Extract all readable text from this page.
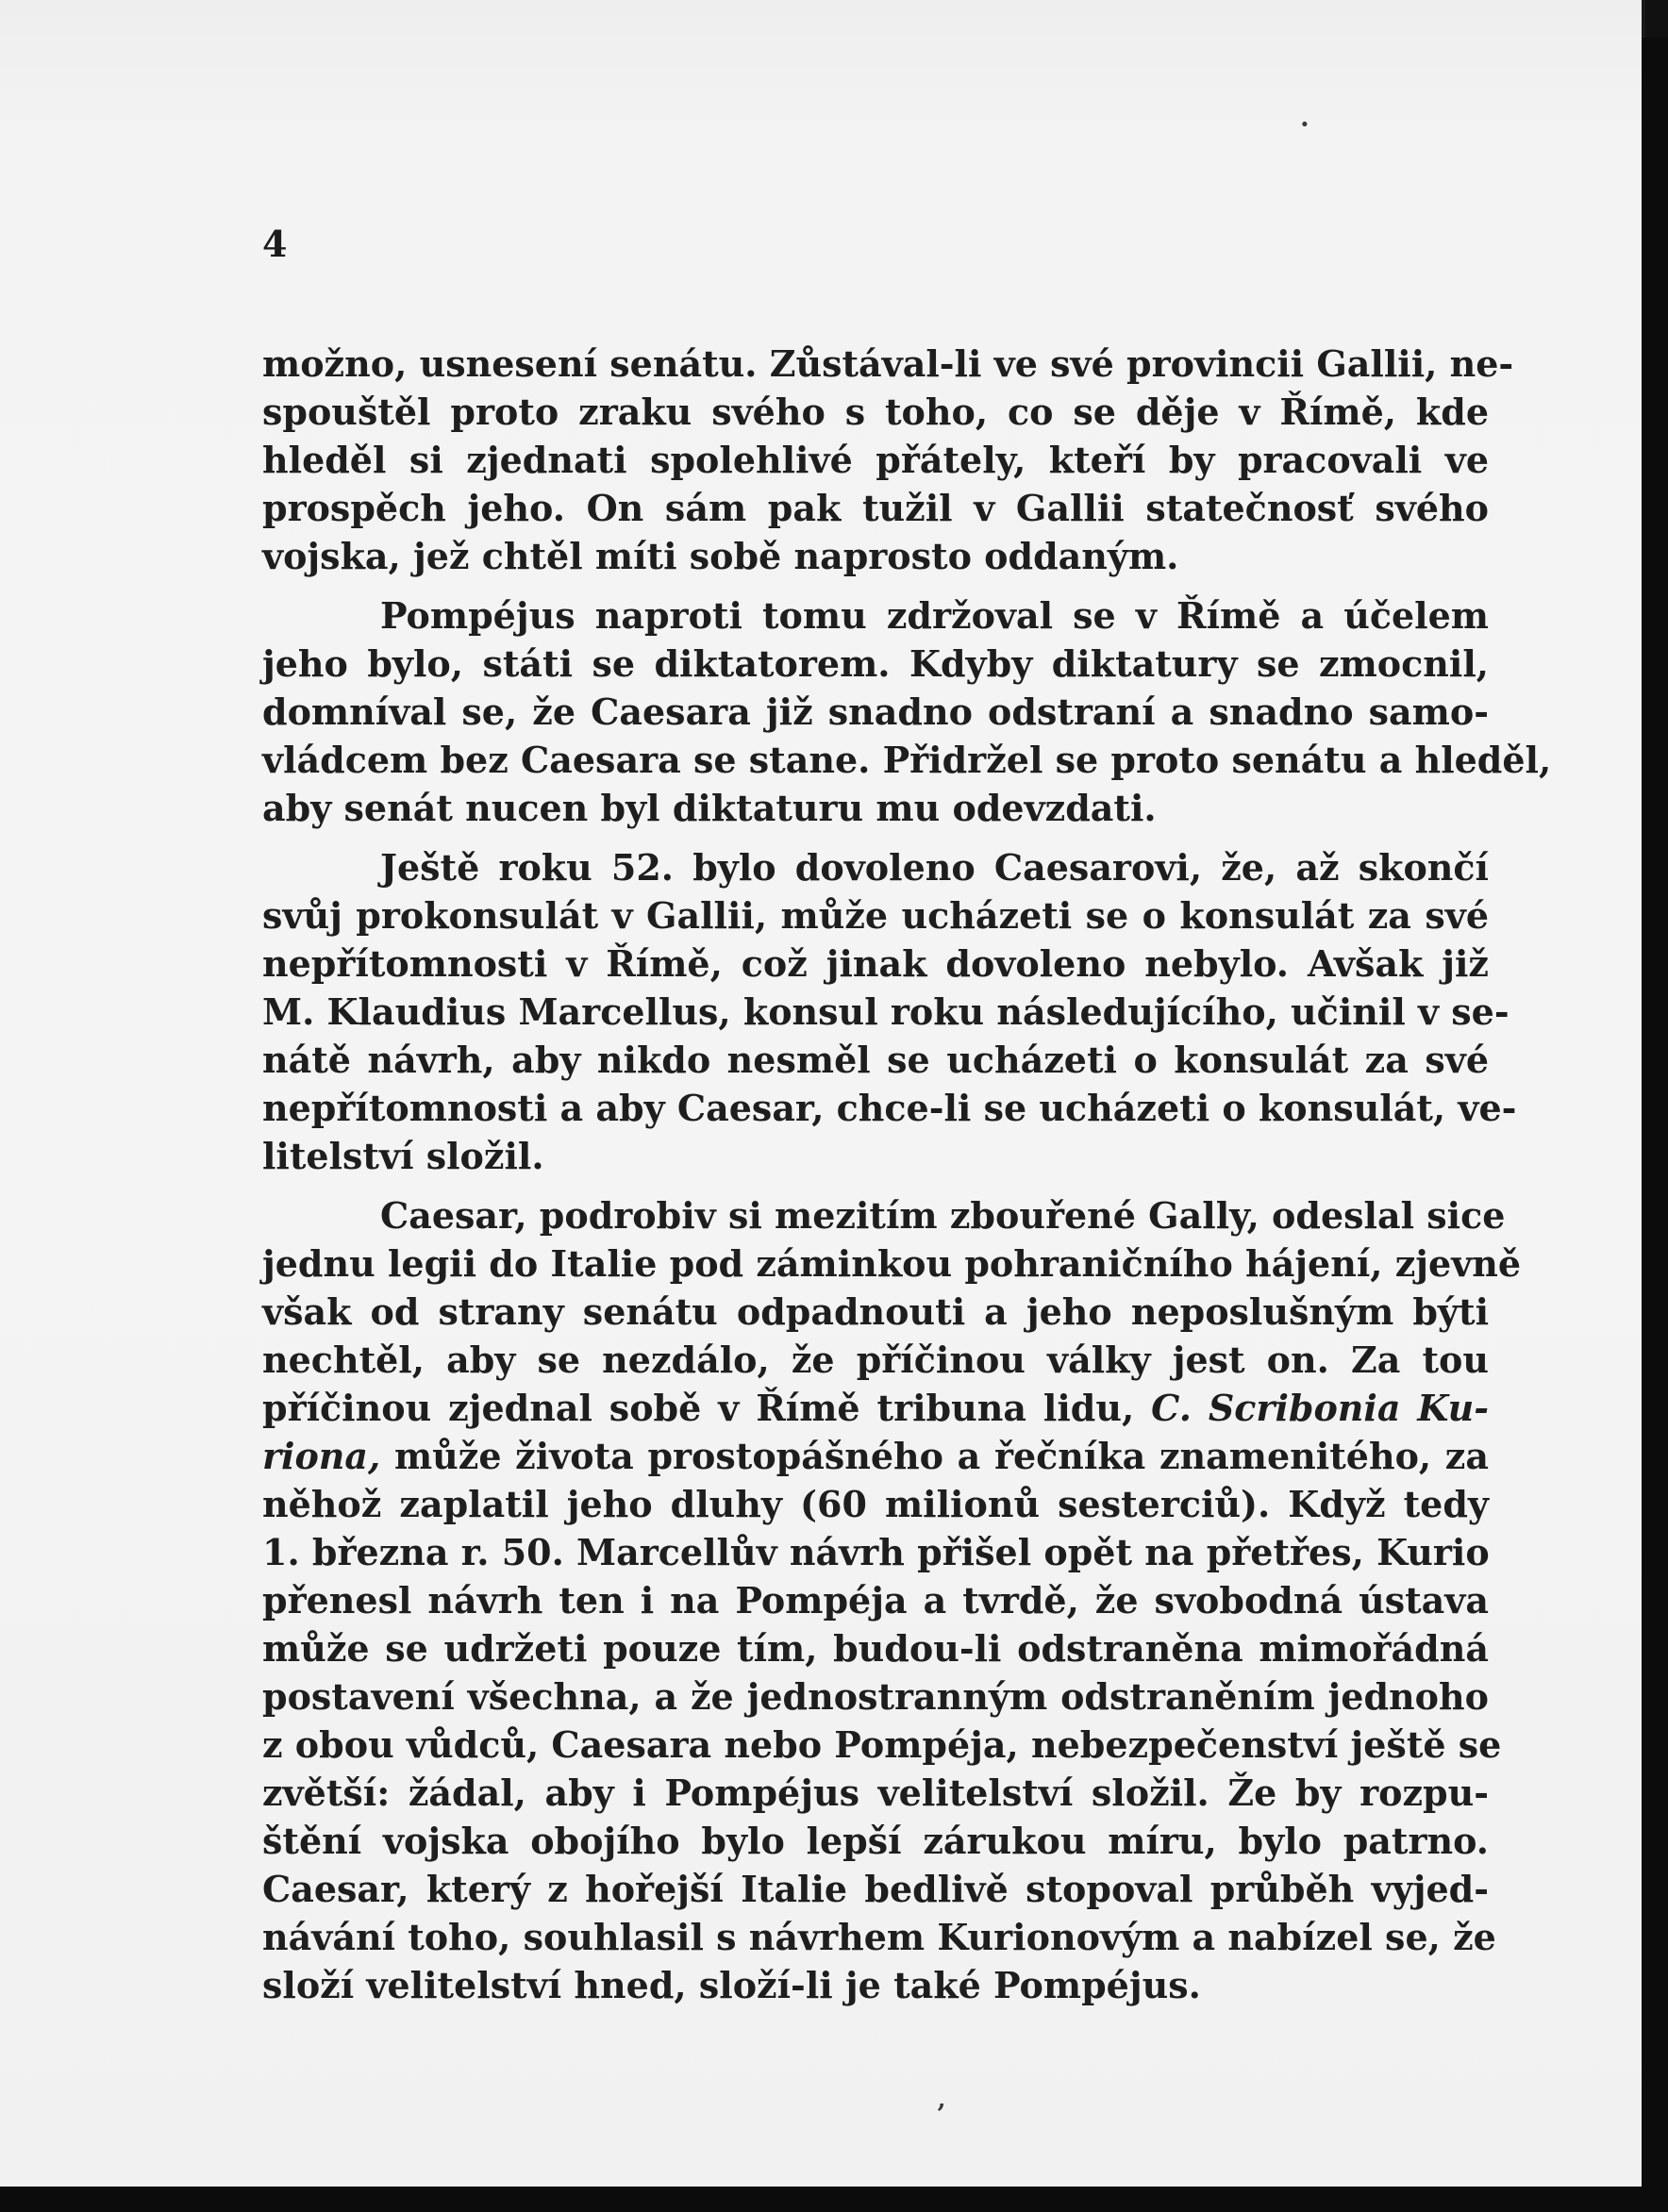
4
·
ʼ
možno, usnesení senátu. Zůstával-li ve své provincii Gallii, ne-
spouštěl proto zraku svého s toho, co se děje v Římě, kde
hleděl si zjednati spolehlivé přátely, kteří by pracovali ve
prospěch jeho. On sám pak tužil v Gallii statečnosť svého
vojska, jež chtěl míti sobě naprosto oddaným.
Pompéjus naproti tomu zdržoval se v Římě a účelem
jeho bylo, státi se diktatorem. Kdyby diktatury se zmocnil,
domníval se, že Caesara již snadno odstraní a snadno samo-
vládcem bez Caesara se stane. Přidržel se proto senátu a hleděl,
aby senát nucen byl diktaturu mu odevzdati.
Ještě roku 52. bylo dovoleno Caesarovi, že, až skončí
svůj prokonsulát v Gallii, může ucházeti se o konsulát za své
nepřítomnosti v Římě, což jinak dovoleno nebylo. Avšak již
M. Klaudius Marcellus, konsul roku následujícího, učinil v se-
nátě návrh, aby nikdo nesměl se ucházeti o konsulát za své
nepřítomnosti a aby Caesar, chce-li se ucházeti o konsulát, ve-
litelství složil.
Caesar, podrobiv si mezitím zbouřené Gally, odeslal sice
jednu legii do Italie pod záminkou pohraničního hájení, zjevně
však od strany senátu odpadnouti a jeho neposlušným býti
nechtěl, aby se nezdálo, že příčinou války jest on. Za tou
příčinou zjednal sobě v Římě tribuna lidu, C. Scribonia Ku-
riona, může života prostopášného a řečníka znamenitého, za
něhož zaplatil jeho dluhy (60 milionů sesterciů). Když tedy
1. března r. 50. Marcellův návrh přišel opět na přetřes, Kurio
přenesl návrh ten i na Pompéja a tvrdě, že svobodná ústava
může se udržeti pouze tím, budou-li odstraněna mimořádná
postavení všechna, a že jednostranným odstraněním jednoho
z obou vůdců, Caesara nebo Pompéja, nebezpečenství ještě se
zvětší: žádal, aby i Pompéjus velitelství složil. Že by rozpu-
štění vojska obojího bylo lepší zárukou míru, bylo patrno.
Caesar, který z hořejší Italie bedlivě stopoval průběh vyjed-
návání toho, souhlasil s návrhem Kurionovým a nabízel se, že
složí velitelství hned, složí-li je také Pompéjus.
